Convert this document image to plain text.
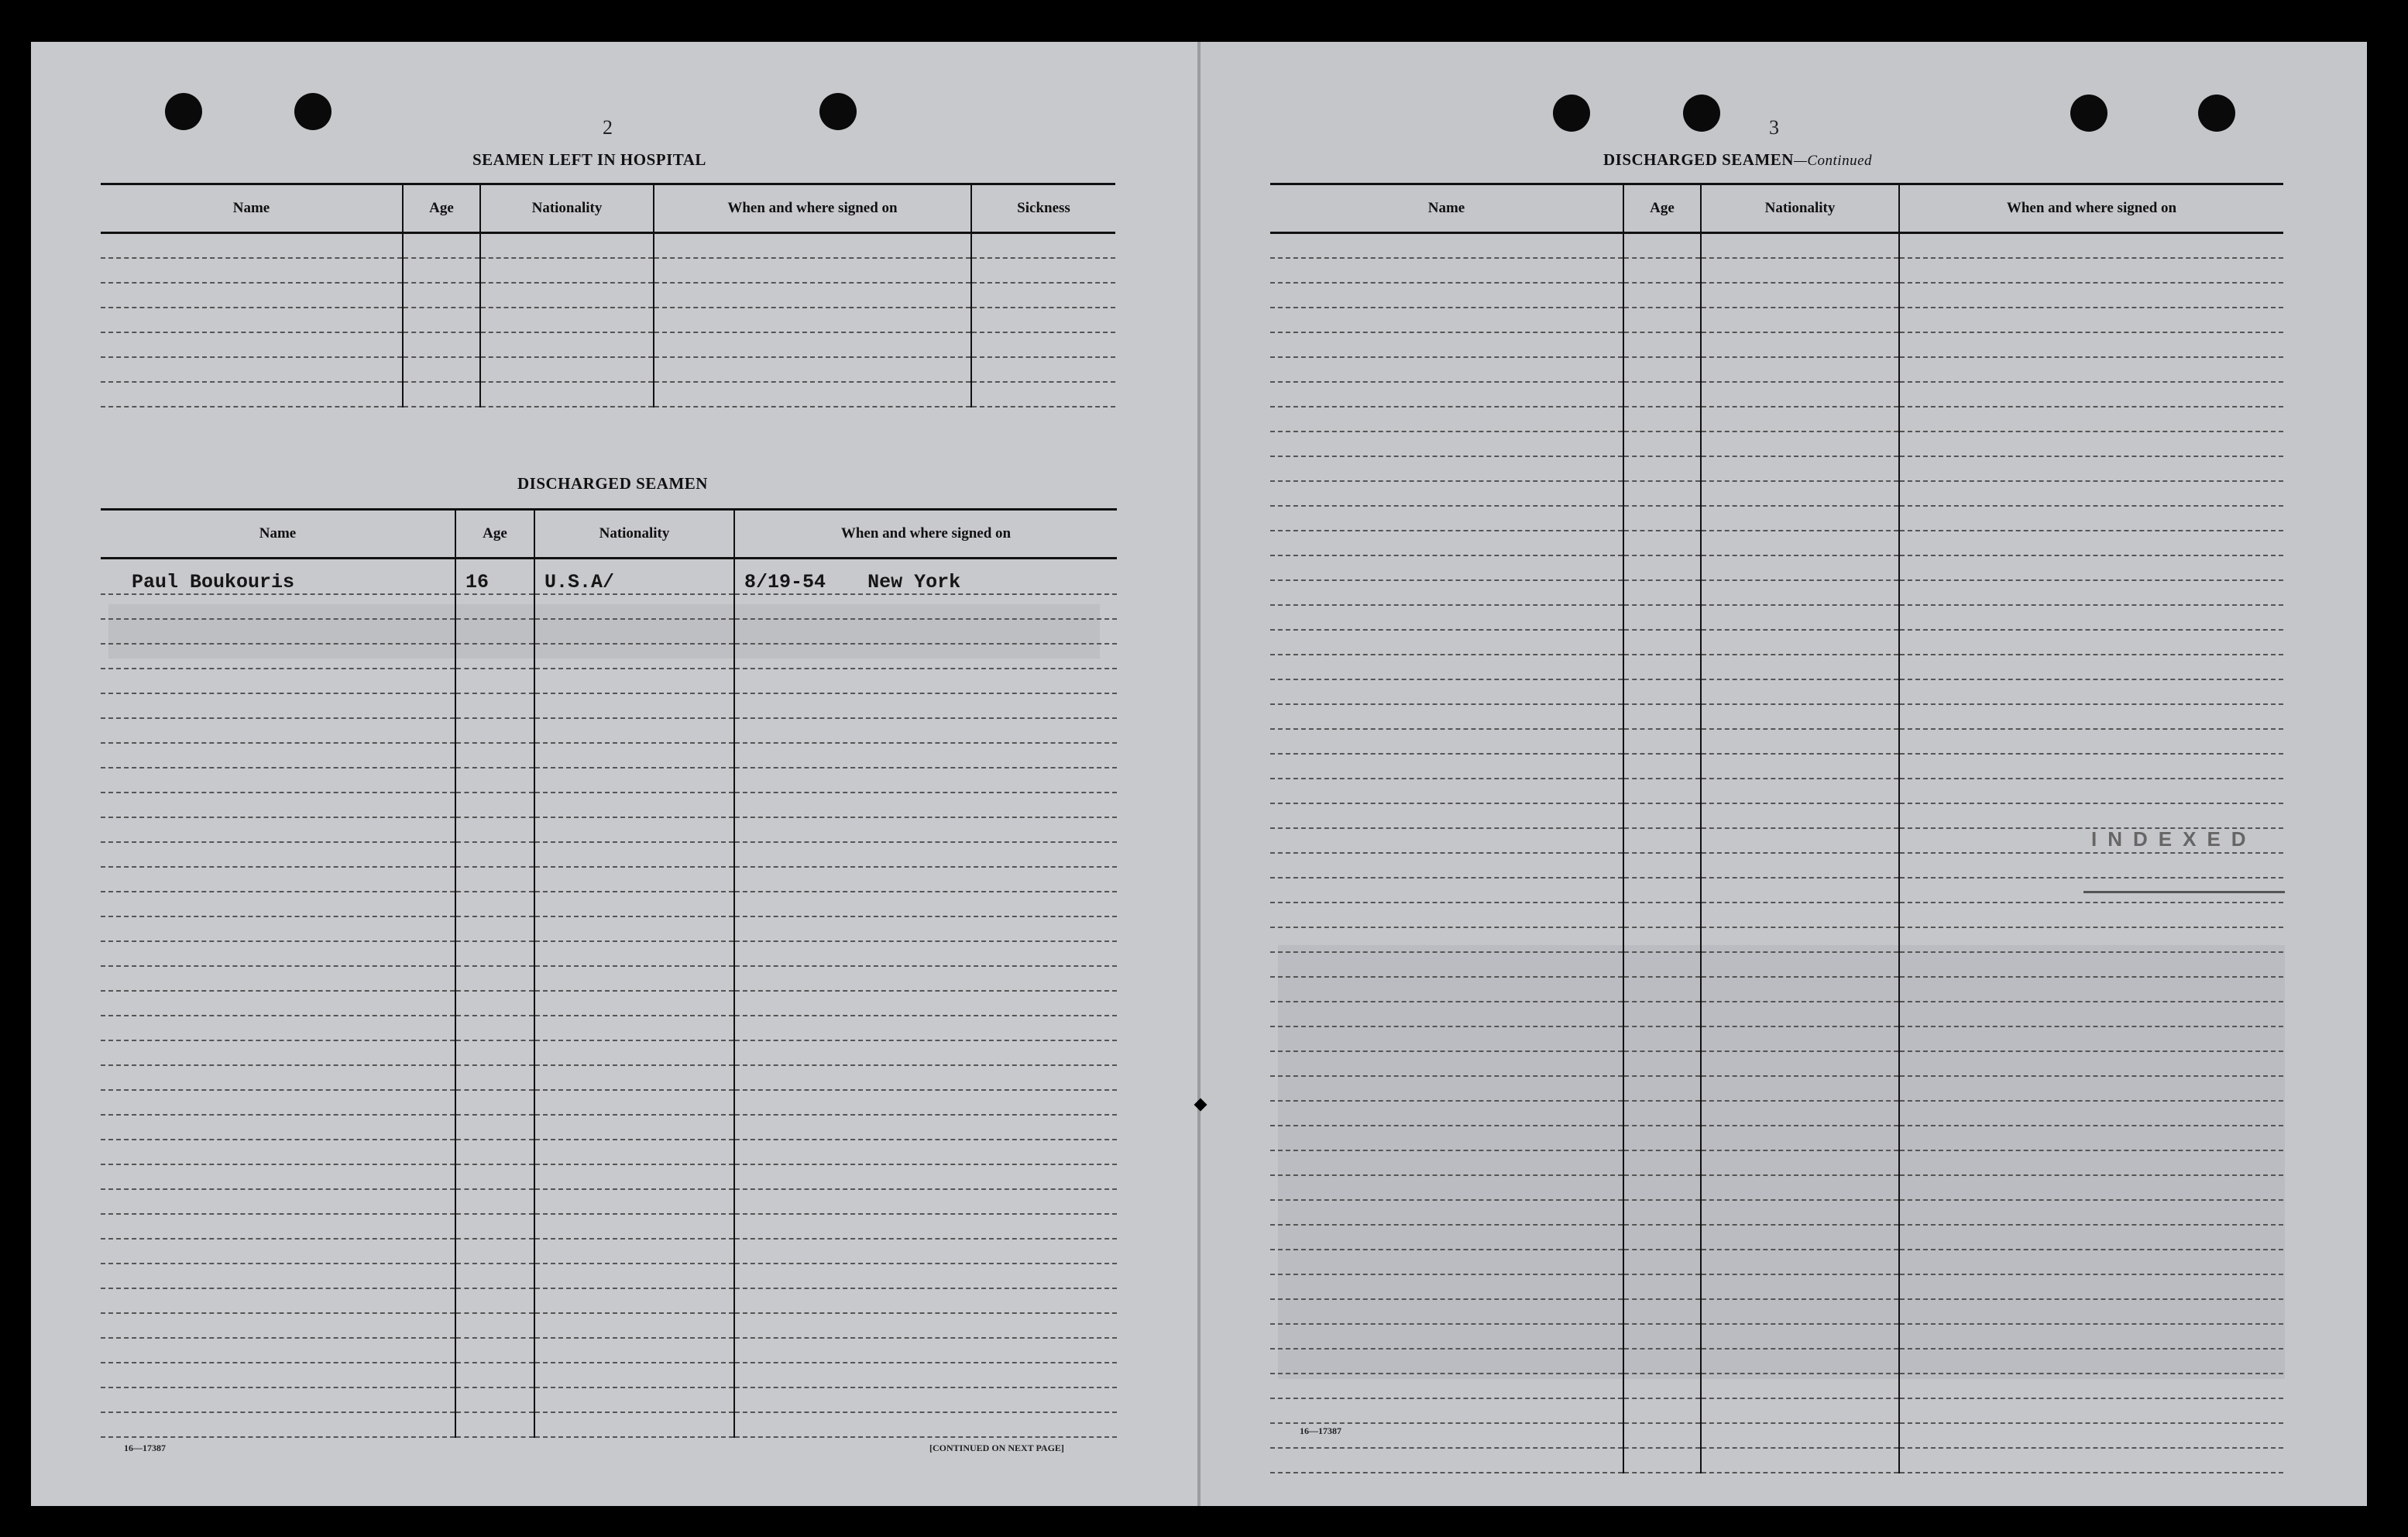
2
SEAMEN LEFT IN HOSPITAL
Name	Age	Nationality	When and where signed on	Sickness

DISCHARGED SEAMEN
Name	Age	Nationality	When and where signed on
Paul Boukouris	16	U.S.A/	8/19-54 New York

16—17387	[CONTINUED ON NEXT PAGE]
3
DISCHARGED SEAMEN—Continued
Name	Age	Nationality	When and where signed on

INDEXED
16—17387
